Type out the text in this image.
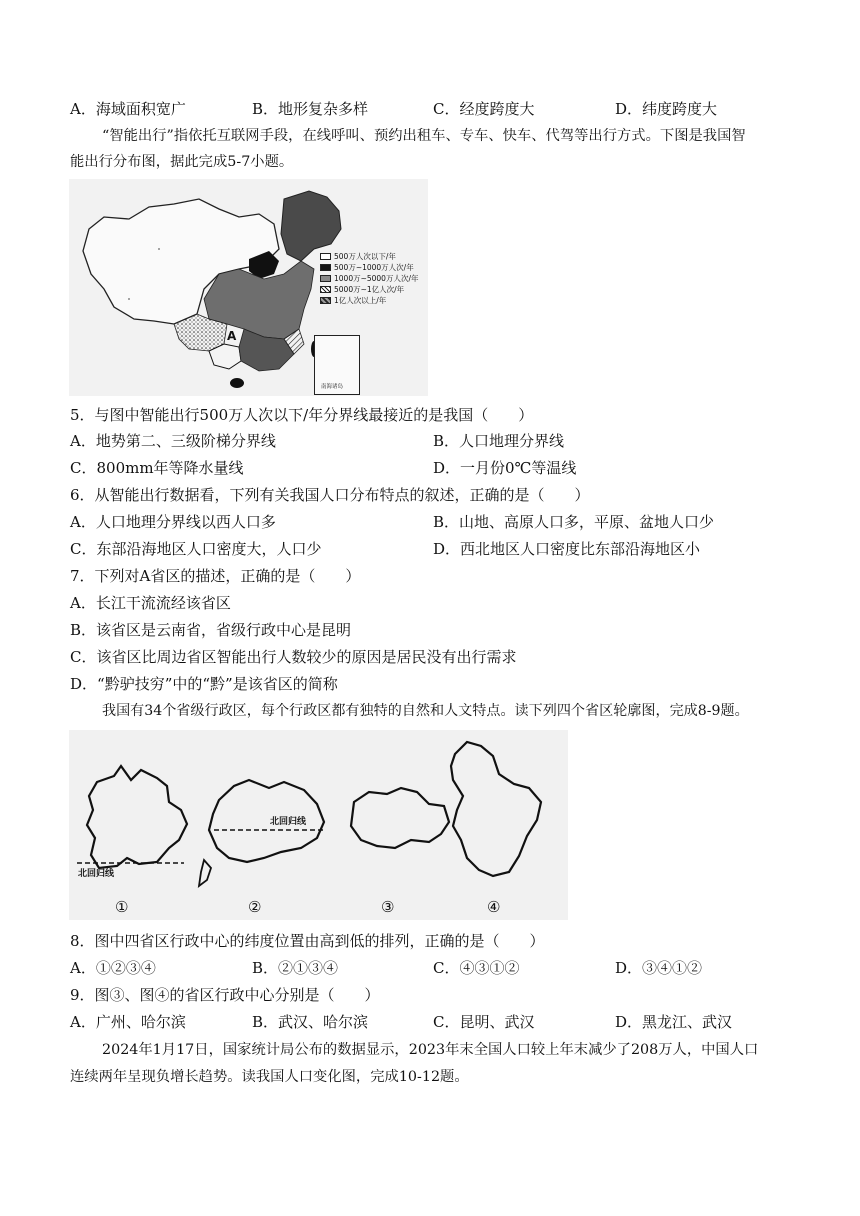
A．海域面积宽广	B．地形复杂多样	C．经度跨度大	D．纬度跨度大
“智能出行”指依托互联网手段，在线呼叫、预约出租车、专车、快车、代驾等出行方式。下图是我国智
能出行分布图，据此完成5-7小题。
A
500万人次以下/年
500万~1000万人次/年
1000万~5000万人次/年
5000万~1亿人次/年
1亿人次以上/年
南海诸岛
5．与图中智能出行500万人次以下/年分界线最接近的是我国（　　）
A．地势第二、三级阶梯分界线	B．人口地理分界线
C．800mm年等降水量线	D．一月份0℃等温线
6．从智能出行数据看，下列有关我国人口分布特点的叙述，正确的是（　　）
A．人口地理分界线以西人口多	B．山地、高原人口多，平原、盆地人口少
C．东部沿海地区人口密度大，人口少	D．西北地区人口密度比东部沿海地区小
7．下列对A省区的描述，正确的是（　　）
A．长江干流流经该省区
B．该省区是云南省，省级行政中心是昆明
C．该省区比周边省区智能出行人数较少的原因是居民没有出行需求
D．“黔驴技穷”中的“黔”是该省区的简称
我国有34个省级行政区，每个行政区都有独特的自然和人文特点。读下列四个省区轮廓图，完成8-9题。
北回归线
北回归线
①	②	③	④
8．图中四省区行政中心的纬度位置由高到低的排列，正确的是（　　）
A．①②③④	B．②①③④	C．④③①②	D．③④①②
9．图③、图④的省区行政中心分别是（　　）
A．广州、哈尔滨	B．武汉、哈尔滨	C．昆明、武汉	D．黑龙江、武汉
2024年1月17日，国家统计局公布的数据显示，2023年末全国人口较上年末减少了208万人，中国人口
连续两年呈现负增长趋势。读我国人口变化图，完成10-12题。
